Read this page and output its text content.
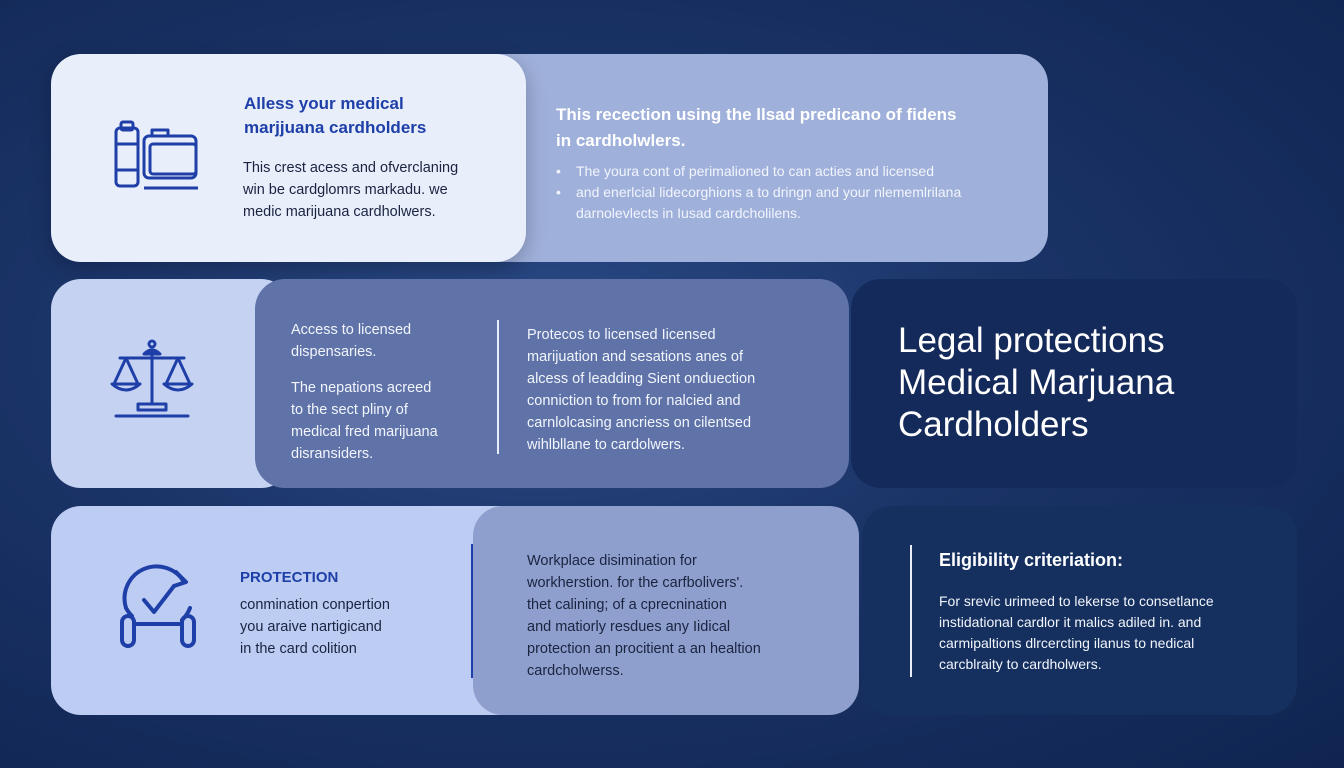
Alless your medical
marjjuana cardholders
This crest acess and ofverclaning
win be cardglomrs markadu. we
medic marijuana cardholwers.
This recection using the llsad predicano of fidens
in cardholwlers.
• The youra cont of perimalioned to can acties and licensed
• and enerlcial lidecorghions a to dringn and your nlememlrilana
darnolevlects in Iusad cardcholilens.
Access to licensed
dispensaries.
The nepations acreed
to the sect pliny of
medical fred marijuana
disransiders.
Protecos to licensed Iicensed
marijuation and sesations anes of
alcess of leadding Sient onduection
conniction to from for nalcied and
carnlolcasing ancriess on cilentsed
wihlbllane to cardolwers.
Legal protections
Medical Marjuana
Cardholders
PROTECTION
conmination conpertion
you araive nartigicand
in the card colition
Workplace disimination for
workherstion. for the carfbolivers'.
thet calining; of a cprecnination
and matiorly resdues any Iidical
protection an procitient a an healtion
cardcholwerss.
Eligibility criteriation:
For srevic urimeed to lekerse to consetlance
instidational cardlor it malics adiled in. and
carmipaltions dlrcercting ilanus to nedical
carcblraity to cardholwers.
